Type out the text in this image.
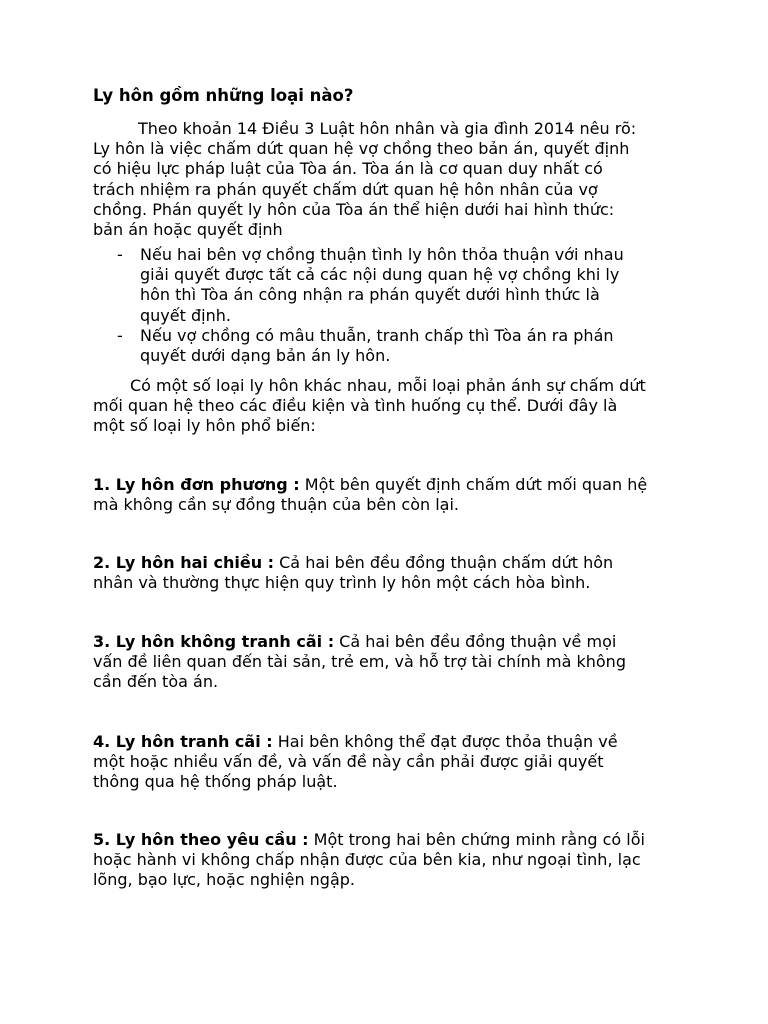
Ly hôn gồm những loại nào?

Theo khoản 14 Điều 3 Luật hôn nhân và gia đình 2014 nêu rõ:
Ly hôn là việc chấm dứt quan hệ vợ chồng theo bản án, quyết định
có hiệu lực pháp luật của Tòa án. Tòa án là cơ quan duy nhất có
trách nhiệm ra phán quyết chấm dứt quan hệ hôn nhân của vợ
chồng. Phán quyết ly hôn của Tòa án thể hiện dưới hai hình thức:
bản án hoặc quyết định

- Nếu hai bên vợ chồng thuận tình ly hôn thỏa thuận với nhau
giải quyết được tất cả các nội dung quan hệ vợ chồng khi ly
hôn thì Tòa án công nhận ra phán quyết dưới hình thức là
quyết định.
- Nếu vợ chồng có mâu thuẫn, tranh chấp thì Tòa án ra phán
quyết dưới dạng bản án ly hôn.

Có một số loại ly hôn khác nhau, mỗi loại phản ánh sự chấm dứt
mối quan hệ theo các điều kiện và tình huống cụ thể. Dưới đây là
một số loại ly hôn phổ biến:

1. Ly hôn đơn phương : Một bên quyết định chấm dứt mối quan hệ
mà không cần sự đồng thuận của bên còn lại.

2. Ly hôn hai chiều : Cả hai bên đều đồng thuận chấm dứt hôn
nhân và thường thực hiện quy trình ly hôn một cách hòa bình.

3. Ly hôn không tranh cãi : Cả hai bên đều đồng thuận về mọi
vấn đề liên quan đến tài sản, trẻ em, và hỗ trợ tài chính mà không
cần đến tòa án.

4. Ly hôn tranh cãi : Hai bên không thể đạt được thỏa thuận về
một hoặc nhiều vấn đề, và vấn đề này cần phải được giải quyết
thông qua hệ thống pháp luật.

5. Ly hôn theo yêu cầu : Một trong hai bên chứng minh rằng có lỗi
hoặc hành vi không chấp nhận được của bên kia, như ngoại tình, lạc
lõng, bạo lực, hoặc nghiện ngập.
